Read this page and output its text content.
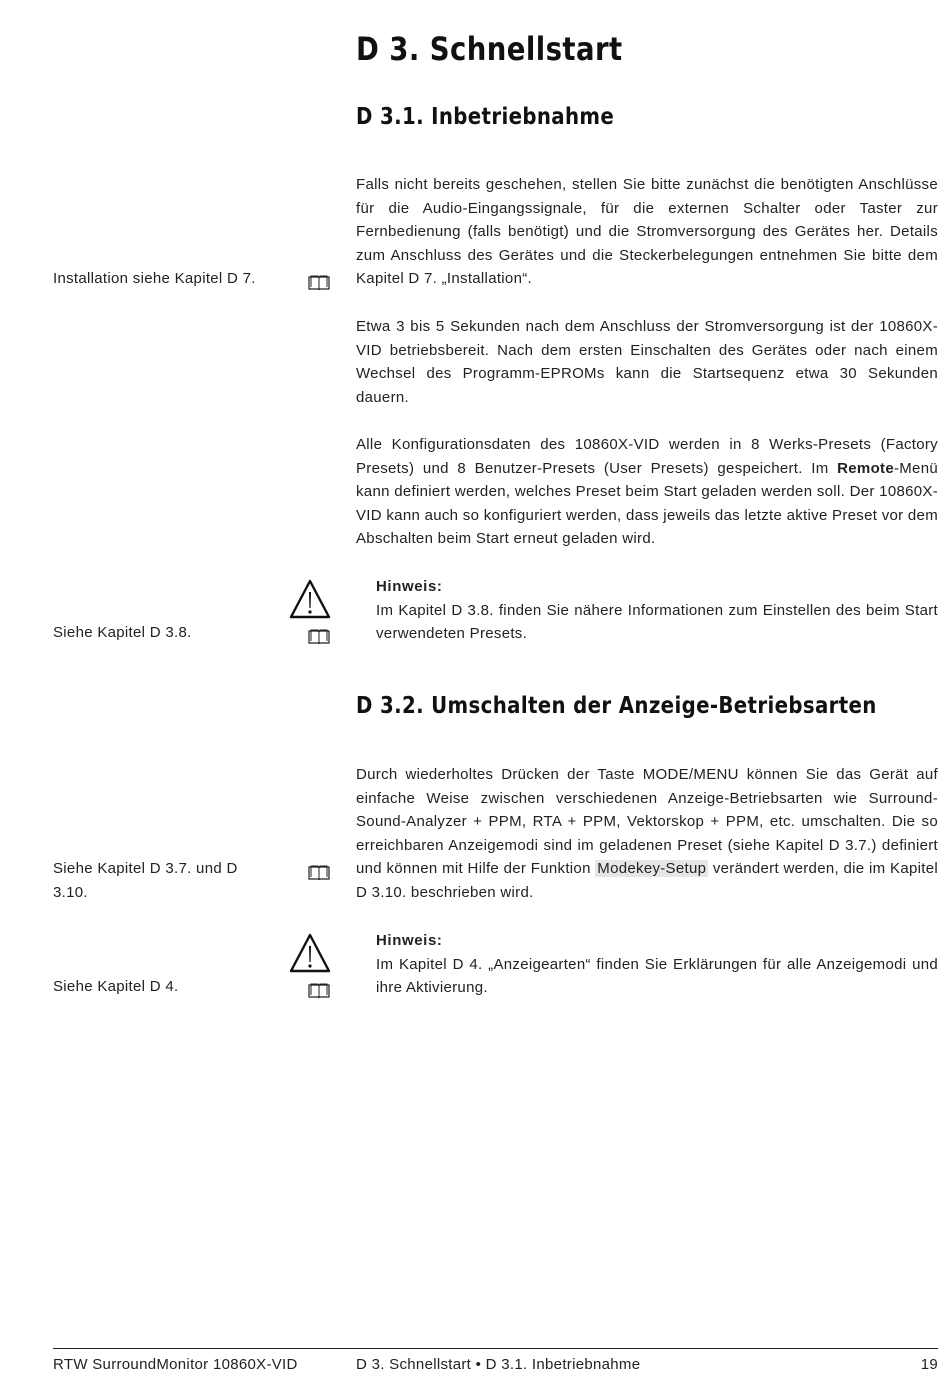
D 3. Schnellstart
D 3.1. Inbetriebnahme

Falls nicht bereits geschehen, stellen Sie bitte zunächst die benötigten Anschlüsse für die Audio-Eingangssignale, für die externen Schalter oder Taster zur Fernbedienung (falls benötigt) und die Stromversorgung des Gerätes her. Details zum Anschluss des Gerätes und die Steckerbelegungen entnehmen Sie bitte dem Kapitel D 7. „Installation“.

Installation siehe Kapitel D 7.

Etwa 3 bis 5 Sekunden nach dem Anschluss der Stromversorgung ist der 10860X-VID betriebsbereit. Nach dem ersten Einschalten des Gerätes oder nach einem Wechsel des Programm-EPROMs kann die Startsequenz etwa 30 Sekunden dauern.

Alle Konfigurationsdaten des 10860X-VID werden in 8 Werks-Presets (Factory Presets) und 8 Benutzer-Presets (User Presets) gespeichert. Im Remote-Menü kann definiert werden, welches Preset beim Start geladen werden soll. Der 10860X-VID kann auch so konfiguriert werden, dass jeweils das letzte aktive Preset vor dem Abschalten beim Start erneut geladen wird.

Hinweis:
Im Kapitel D 3.8. finden Sie nähere Informationen zum Einstellen des beim Start verwendeten Presets.

Siehe Kapitel D 3.8.

D 3.2. Umschalten der Anzeige-Betriebsarten

Durch wiederholtes Drücken der Taste MODE/MENU können Sie das Gerät auf einfache Weise zwischen verschiedenen Anzeige-Betriebsarten wie Surround-Sound-Analyzer + PPM, RTA + PPM, Vektorskop + PPM, etc. umschalten. Die so erreichbaren Anzeigemodi sind im geladenen Preset (siehe Kapitel D 3.7.) definiert und können mit Hilfe der Funktion Modekey-Setup verändert werden, die im Kapitel D 3.10. beschrieben wird.

Siehe Kapitel D 3.7. und D 3.10.

Hinweis:
Im Kapitel D 4. „Anzeigearten“ finden Sie Erklärungen für alle Anzeigemodi und ihre Aktivierung.

Siehe Kapitel D 4.

RTW SurroundMonitor 10860X-VID	D 3. Schnellstart • D 3.1. Inbetriebnahme	19
